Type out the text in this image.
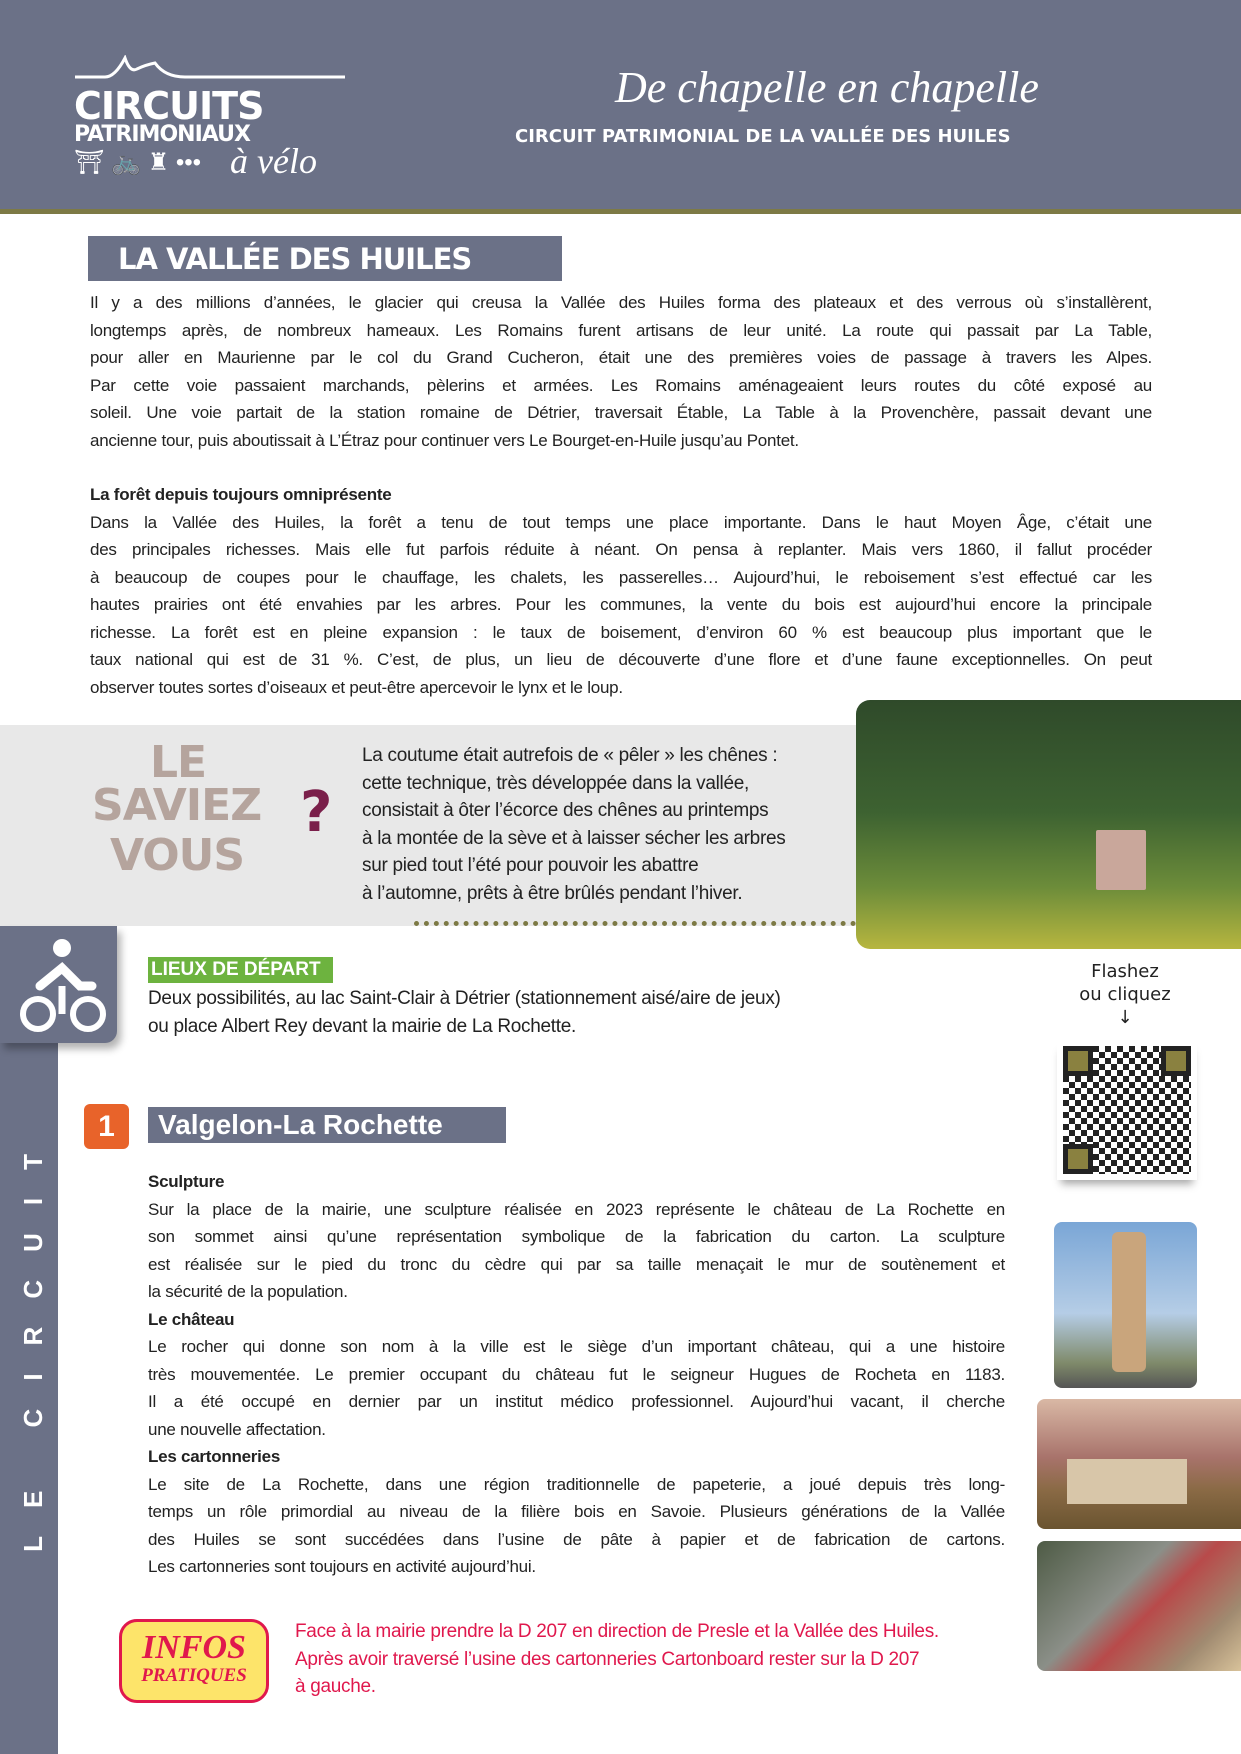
CIRCUITS
PATRIMONIAUX
⛩ 🚲 ♜ ••• à vélo
De chapelle en chapelle
CIRCUIT PATRIMONIAL DE LA VALLÉE DES HUILES
LA VALLÉE DES HUILES
Il y a des millions d’années, le glacier qui creusa la Vallée des Huiles forma des plateaux et des verrous où s’installèrent,
longtemps après, de nombreux hameaux. Les Romains furent artisans de leur unité. La route qui passait par La Table,
pour aller en Maurienne par le col du Grand Cucheron, était une des premières voies de passage à travers les Alpes.
Par cette voie passaient marchands, pèlerins et armées. Les Romains aménageaient leurs routes du côté exposé au
soleil. Une voie partait de la station romaine de Détrier, traversait Étable, La Table à la Provenchère, passait devant une
ancienne tour, puis aboutissait à L’Étraz pour continuer vers Le Bourget-en-Huile jusqu’au Pontet.
La forêt depuis toujours omniprésente
Dans la Vallée des Huiles, la forêt a tenu de tout temps une place importante. Dans le haut Moyen Âge, c’était une
des principales richesses. Mais elle fut parfois réduite à néant. On pensa à replanter. Mais vers 1860, il fallut procéder
à beaucoup de coupes pour le chauffage, les chalets, les passerelles… Aujourd’hui, le reboisement s’est effectué car les
hautes prairies ont été envahies par les arbres. Pour les communes, la vente du bois est aujourd’hui encore la principale
richesse. La forêt est en pleine expansion : le taux de boisement, d’environ 60 % est beaucoup plus important que le
taux national qui est de 31 %. C’est, de plus, un lieu de découverte d’une flore et d’une faune exceptionnelles. On peut
observer toutes sortes d’oiseaux et peut-être apercevoir le lynx et le loup.
LE
SAVIEZ ?
VOUS
La coutume était autrefois de « pêler » les chênes :
cette technique, très développée dans la vallée,
consistait à ôter l’écorce des chênes au printemps
à la montée de la sève et à laisser sécher les arbres
sur pied tout l’été pour pouvoir les abattre
à l’automne, prêts à être brûlés pendant l’hiver.
LE CIRCUIT
LIEUX DE DÉPART
Deux possibilités, au lac Saint-Clair à Détrier (stationnement aisé/aire de jeux)
ou place Albert Rey devant la mairie de La Rochette.
Flashez
ou cliquez
↓
1	Valgelon-La Rochette
Sculpture
Sur la place de la mairie, une sculpture réalisée en 2023 représente le château de La Rochette en
son sommet ainsi qu’une représentation symbolique de la fabrication du carton. La sculpture
est réalisée sur le pied du tronc du cèdre qui par sa taille menaçait le mur de soutènement et
la sécurité de la population.
Le château
Le rocher qui donne son nom à la ville est le siège d’un important château, qui a une histoire
très mouvementée. Le premier occupant du château fut le seigneur Hugues de Rocheta en 1183.
Il a été occupé en dernier par un institut médico professionnel. Aujourd’hui vacant, il cherche
une nouvelle affectation.
Les cartonneries
Le site de La Rochette, dans une région traditionnelle de papeterie, a joué depuis très long-
temps un rôle primordial au niveau de la filière bois en Savoie. Plusieurs générations de la Vallée
des Huiles se sont succédées dans l’usine de pâte à papier et de fabrication de cartons.
Les cartonneries sont toujours en activité aujourd’hui.
INFOS
PRATIQUES
Face à la mairie prendre la D 207 en direction de Presle et la Vallée des Huiles.
Après avoir traversé l’usine des cartonneries Cartonboard rester sur la D 207
à gauche.
